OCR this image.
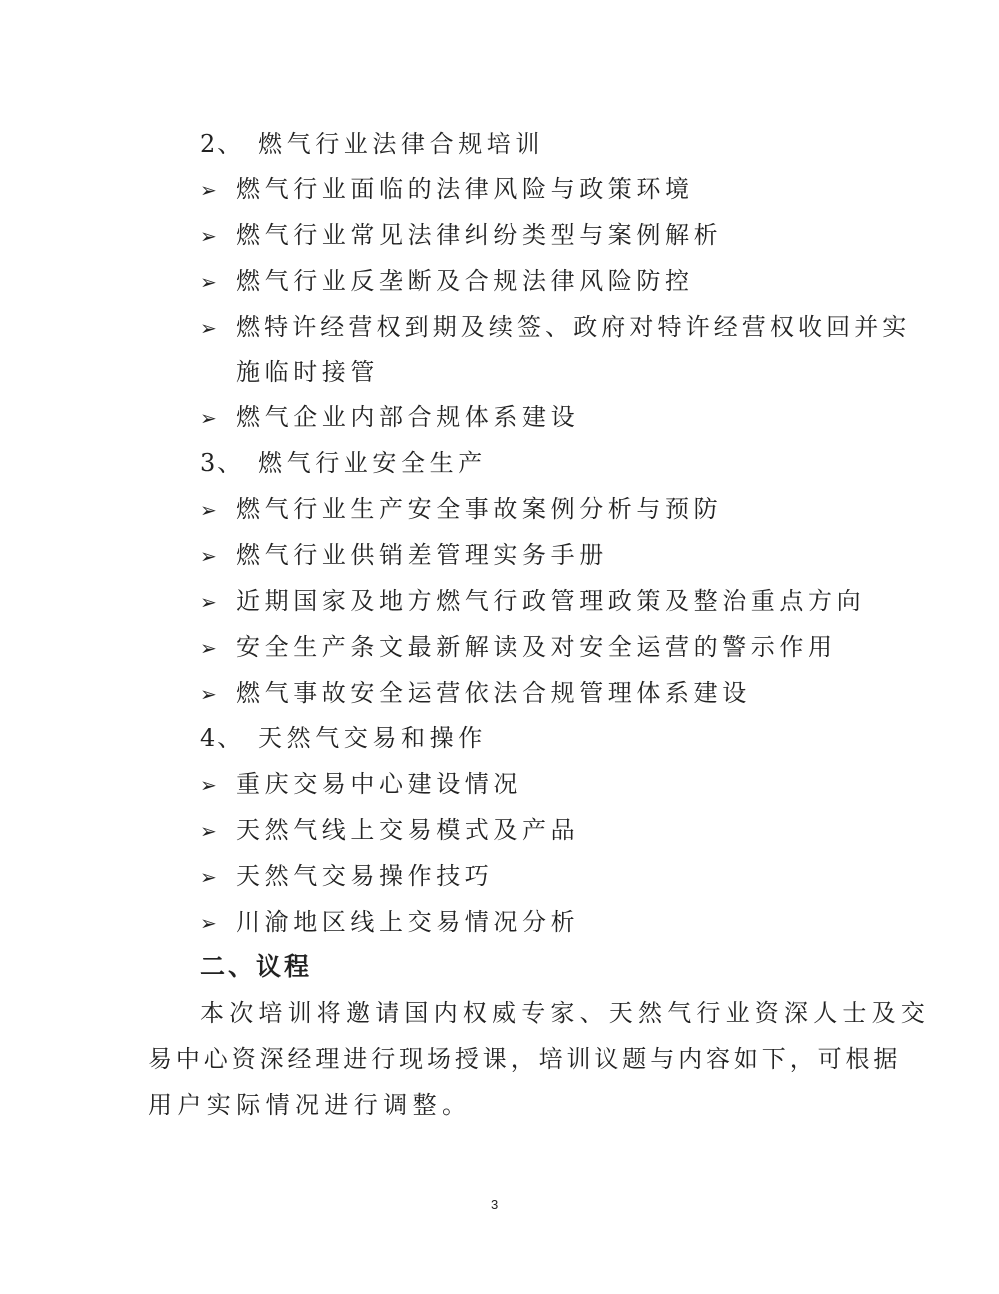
2、 燃气行业法律合规培训
➢ 燃气行业面临的法律风险与政策环境
➢ 燃气行业常见法律纠纷类型与案例解析
➢ 燃气行业反垄断及合规法律风险防控
➢ 燃特许经营权到期及续签、政府对特许经营权收回并实
施临时接管
➢ 燃气企业内部合规体系建设
3、 燃气行业安全生产
➢ 燃气行业生产安全事故案例分析与预防
➢ 燃气行业供销差管理实务手册
➢ 近期国家及地方燃气行政管理政策及整治重点方向
➢ 安全生产条文最新解读及对安全运营的警示作用
➢ 燃气事故安全运营依法合规管理体系建设
4、 天然气交易和操作
➢ 重庆交易中心建设情况
➢ 天然气线上交易模式及产品
➢ 天然气交易操作技巧
➢ 川渝地区线上交易情况分析
二、议程
本次培训将邀请国内权威专家、天然气行业资深人士及交
易中心资深经理进行现场授课，培训议题与内容如下，可根据
用户实际情况进行调整。
3
